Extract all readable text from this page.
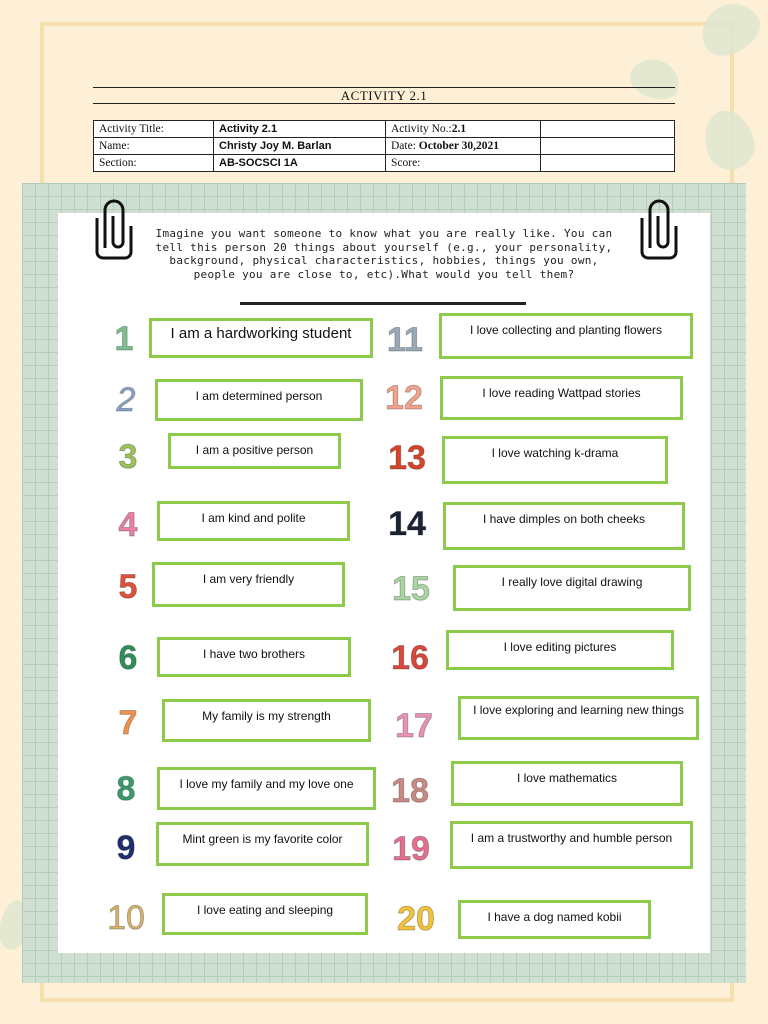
ACTIVITY 2.1
Activity Title:	Activity 2.1	Activity No.:2.1	
Name:	Christy Joy M. Barlan	Date: October 30,2021	
Section:	AB-SOCSCI 1A	Score:	
Imagine you want someone to know what you are really like. You can tell this person 20 things about yourself (e.g., your personality, background, physical characteristics, hobbies, things you own, people you are close to, etc).What would you tell them?
1	I am a hardworking student
2	I am determined person
3	I am a positive person
4	I am kind and polite
5	I am very friendly
6	I have two brothers
7	My family is my strength
8	I love my family and my love one
9	Mint green is my favorite color
10	I love eating and sleeping
11	I love collecting and planting flowers
12	I love reading Wattpad stories
13	I love watching k-drama
14	I have dimples on both cheeks
15	I really love digital drawing
16	I love editing pictures
17	I love exploring and learning new things
18	I love mathematics
19	I am a trustworthy and humble person
20	I have a dog named kobii
